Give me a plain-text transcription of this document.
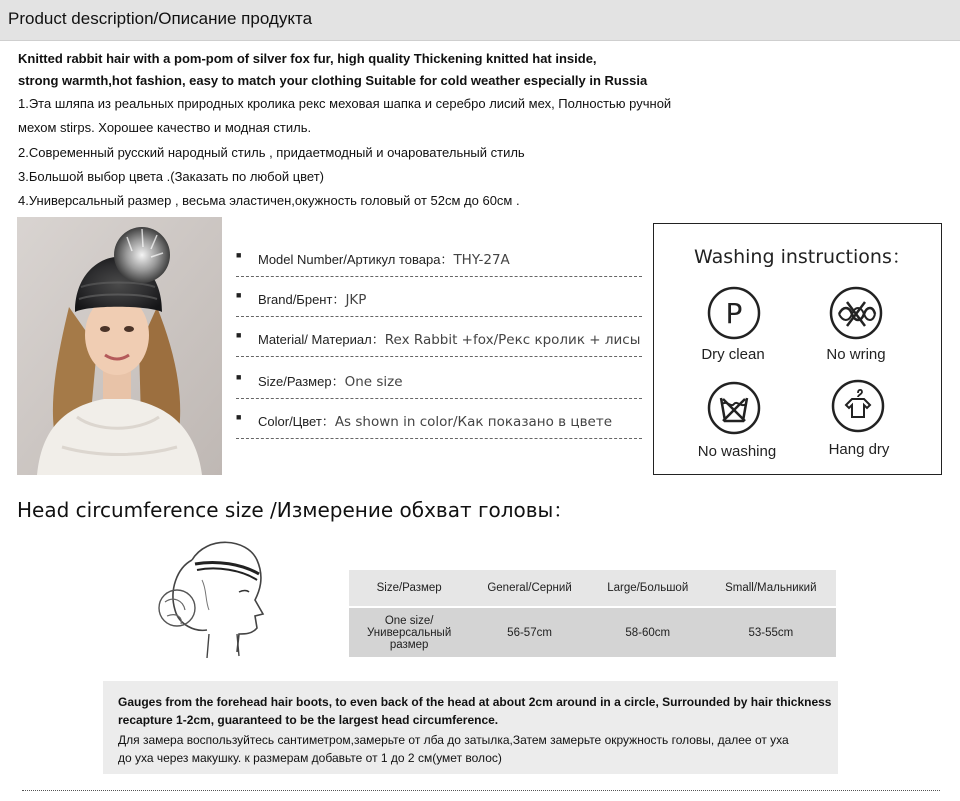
Product description/Описание продукта
Knitted rabbit hair with a pom-pom of silver fox fur, high quality Thickening knitted hat inside,
strong warmth,hot fashion, easy to match your clothing Suitable for cold weather especially in Russia
1.Эта шляпа из реальных природных кролика рекс меховая шапка и серебро лисий мех, Полностью ручной
мехом stirps. Хорошее качество и модная стиль.
2.Современный русский народный стиль , придаетмодный и очаровательный стиль
3.Большой выбор цвета .(Заказать по любой цвет)
4.Универсальный размер , весьма эластичен,окужность головый от 52см до 60см .
■ Model Number/Артикул товара：THY-27A
■ Brand/Брент：JKP
■ Material/ Материал：Rex Rabbit +fox/Рекс кролик + лисы
■ Size/Размер：One size
■ Color/Цвет：As shown in color/Как показано в цвете
Washing instructions：
P
Dry clean	No wring
No washing	Hang dry
Head circumference size /Измерение обхват головы：
Size/Размер	General/Серний	Large/Большой	Small/Мальникий

One size/
Универсальный
размер	56-57cm	58-60cm	53-55cm
Gauges from the forehead hair boots, to even back of the head at about 2cm around in a circle, Surrounded by hair thickness
recapture 1-2cm, guaranteed to be the largest head circumference.
Для замера воспользуйтесь сантиметром,замерьте от лба до затылка,Затем замерьте окружность головы, далее от уха
до уха через макушку. к размерам добавьте от 1 до 2 см(умет волос)
